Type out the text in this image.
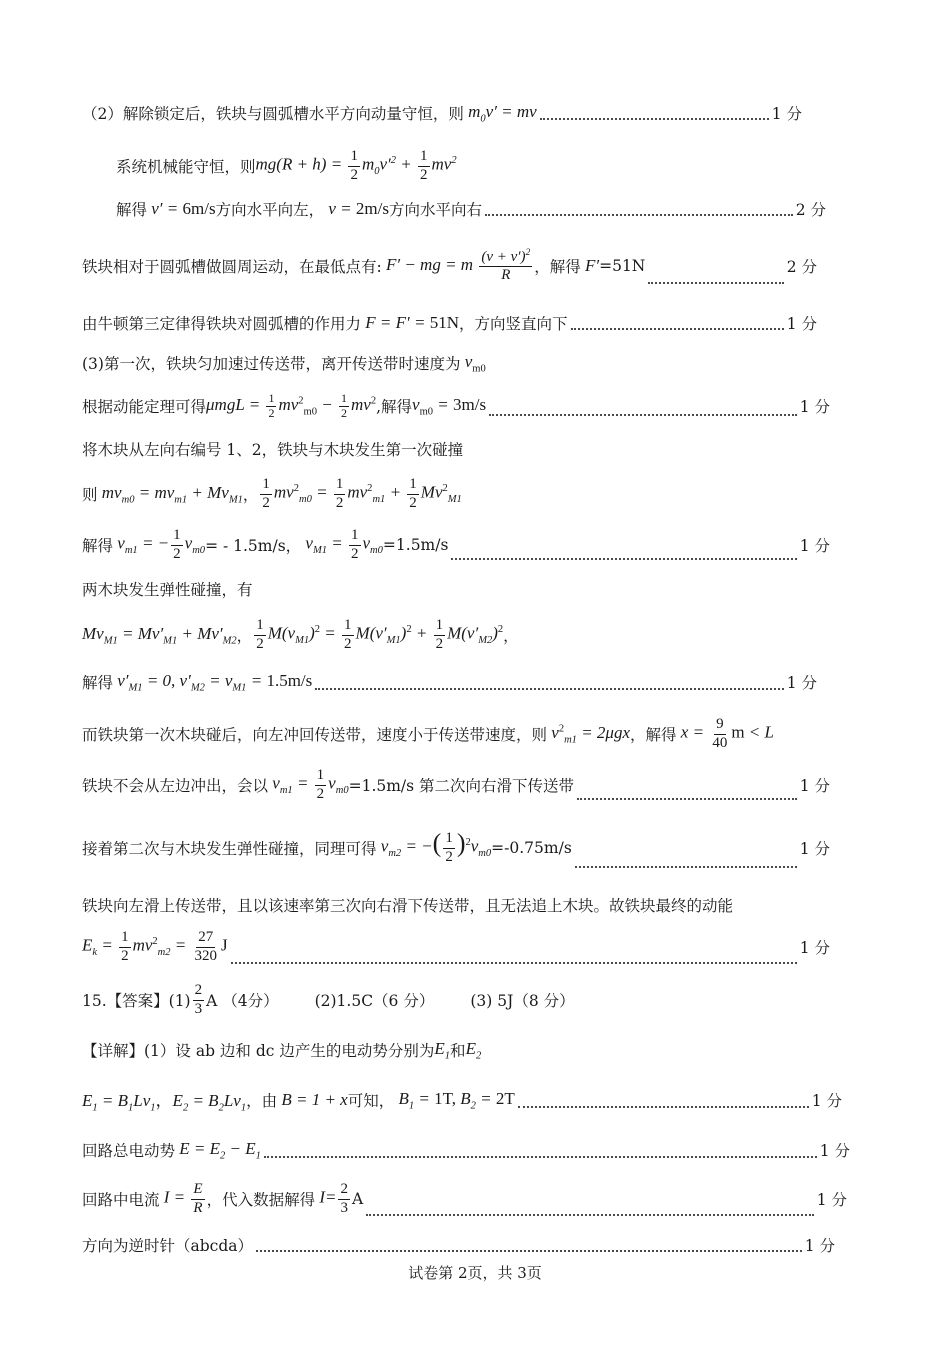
（2）解除锁定后，铁块与圆弧槽水平方向动量守恒，则 $m_0v'$ = mv	1 分
系统机械能守恒，则 $mg(R + h) = \frac{1}{2} m_0v'^2 + \frac{1}{2} mv^2$
解得 v′ = 6m/s 方向水平向左， v = 2m/s 方向水平向右	2 分
铁块相对于圆弧槽做圆周运动，在最低点有: F′ − mg = m $\frac{(v + v')^2}{R}$ ，解得 F′ =51N	2 分
由牛顿第三定律得铁块对圆弧槽的作用力 F = F′ = 51N ，方向竖直向下	1 分
(3)第一次，铁块匀加速过传送带，离开传送带时速度为 $v_{m0}$
根据动能定理可得 $\mu mgL = \frac{1}{2} mv^2_{m0} - \frac{1}{2} mv^2$ ,解得 $v_{m0} = 3m/s$	1 分
将木块从左向右编号 1、2，铁块与木块发生第一次碰撞
则 $mv_{m0} = mv_{m1} + Mv_{M1}$ ， $\frac{1}{2} mv^2_{m0} = \frac{1}{2} mv^2_{m1} + \frac{1}{2} Mv^2_{M1}$
解得 $v_{m1}$ = − $\frac{1}{2} v_{m0}$ = - 1.5m/s， $v_{M1} = \frac{1}{2} v_{m0} =1.5m/s$	1 分
两木块发生弹性碰撞，有
$Mv_{M1} = Mv'_{M1} + Mv'_{M2}$ ， $\frac{1}{2} M(v_{M1})^2 = \frac{1}{2} M(v'_{M1})^2 + \frac{1}{2} M(v'_{M2})^2$ ，
解得 $v'_{M1} = 0$, $v'_{M2} = v_{M1} = 1.5m/s$	1 分
而铁块第一次木块碰后，向左冲回传送带，速度小于传送带速度，则 $v^2_{m1} = 2\mu gx$ ，解得 $x = \frac{9}{40}$ m < L
铁块不会从左边冲出，会以 $v_{m1} = \frac{1}{2} v_{m0} =1.5m/s$ 第二次向右滑下传送带	1 分
接着第二次与木块发生弹性碰撞，同理可得 $v_{m2}$ = −( $\frac{1}{2} )^2v_{m0} =-0.75m/s$	1 分
铁块向左滑上传送带，且以该速率第三次向右滑下传送带，且无法追上木块。故铁块最终的动能
$E_k = \frac{1}{2} mv^2_{m2} = \frac{27}{320}$ J	1 分
15.【答案】$(1) \frac{2}{3}$ A （4分） (2)1.5C（6 分） (3) 5J（8 分）
【详解】(1）设 ab 边和 dc 边产生的电动势分别为 $E_1$ 和 $E_2$
$E_1 = B_1Lv_1$，$E_2 = B_2Lv_1$ ，由 B = 1 + x 可知， $B_1 = 1T$, $B_2 = 2T$	1 分
回路总电动势 $E = E_2 - E_1$	1 分
回路中电流 $I = \frac{E}{R}$ ，代入数据解得 $I= \frac{2}{3}$ A	1 分
方向为逆时针（abcda）	1 分
试卷第 2页，共 3页
